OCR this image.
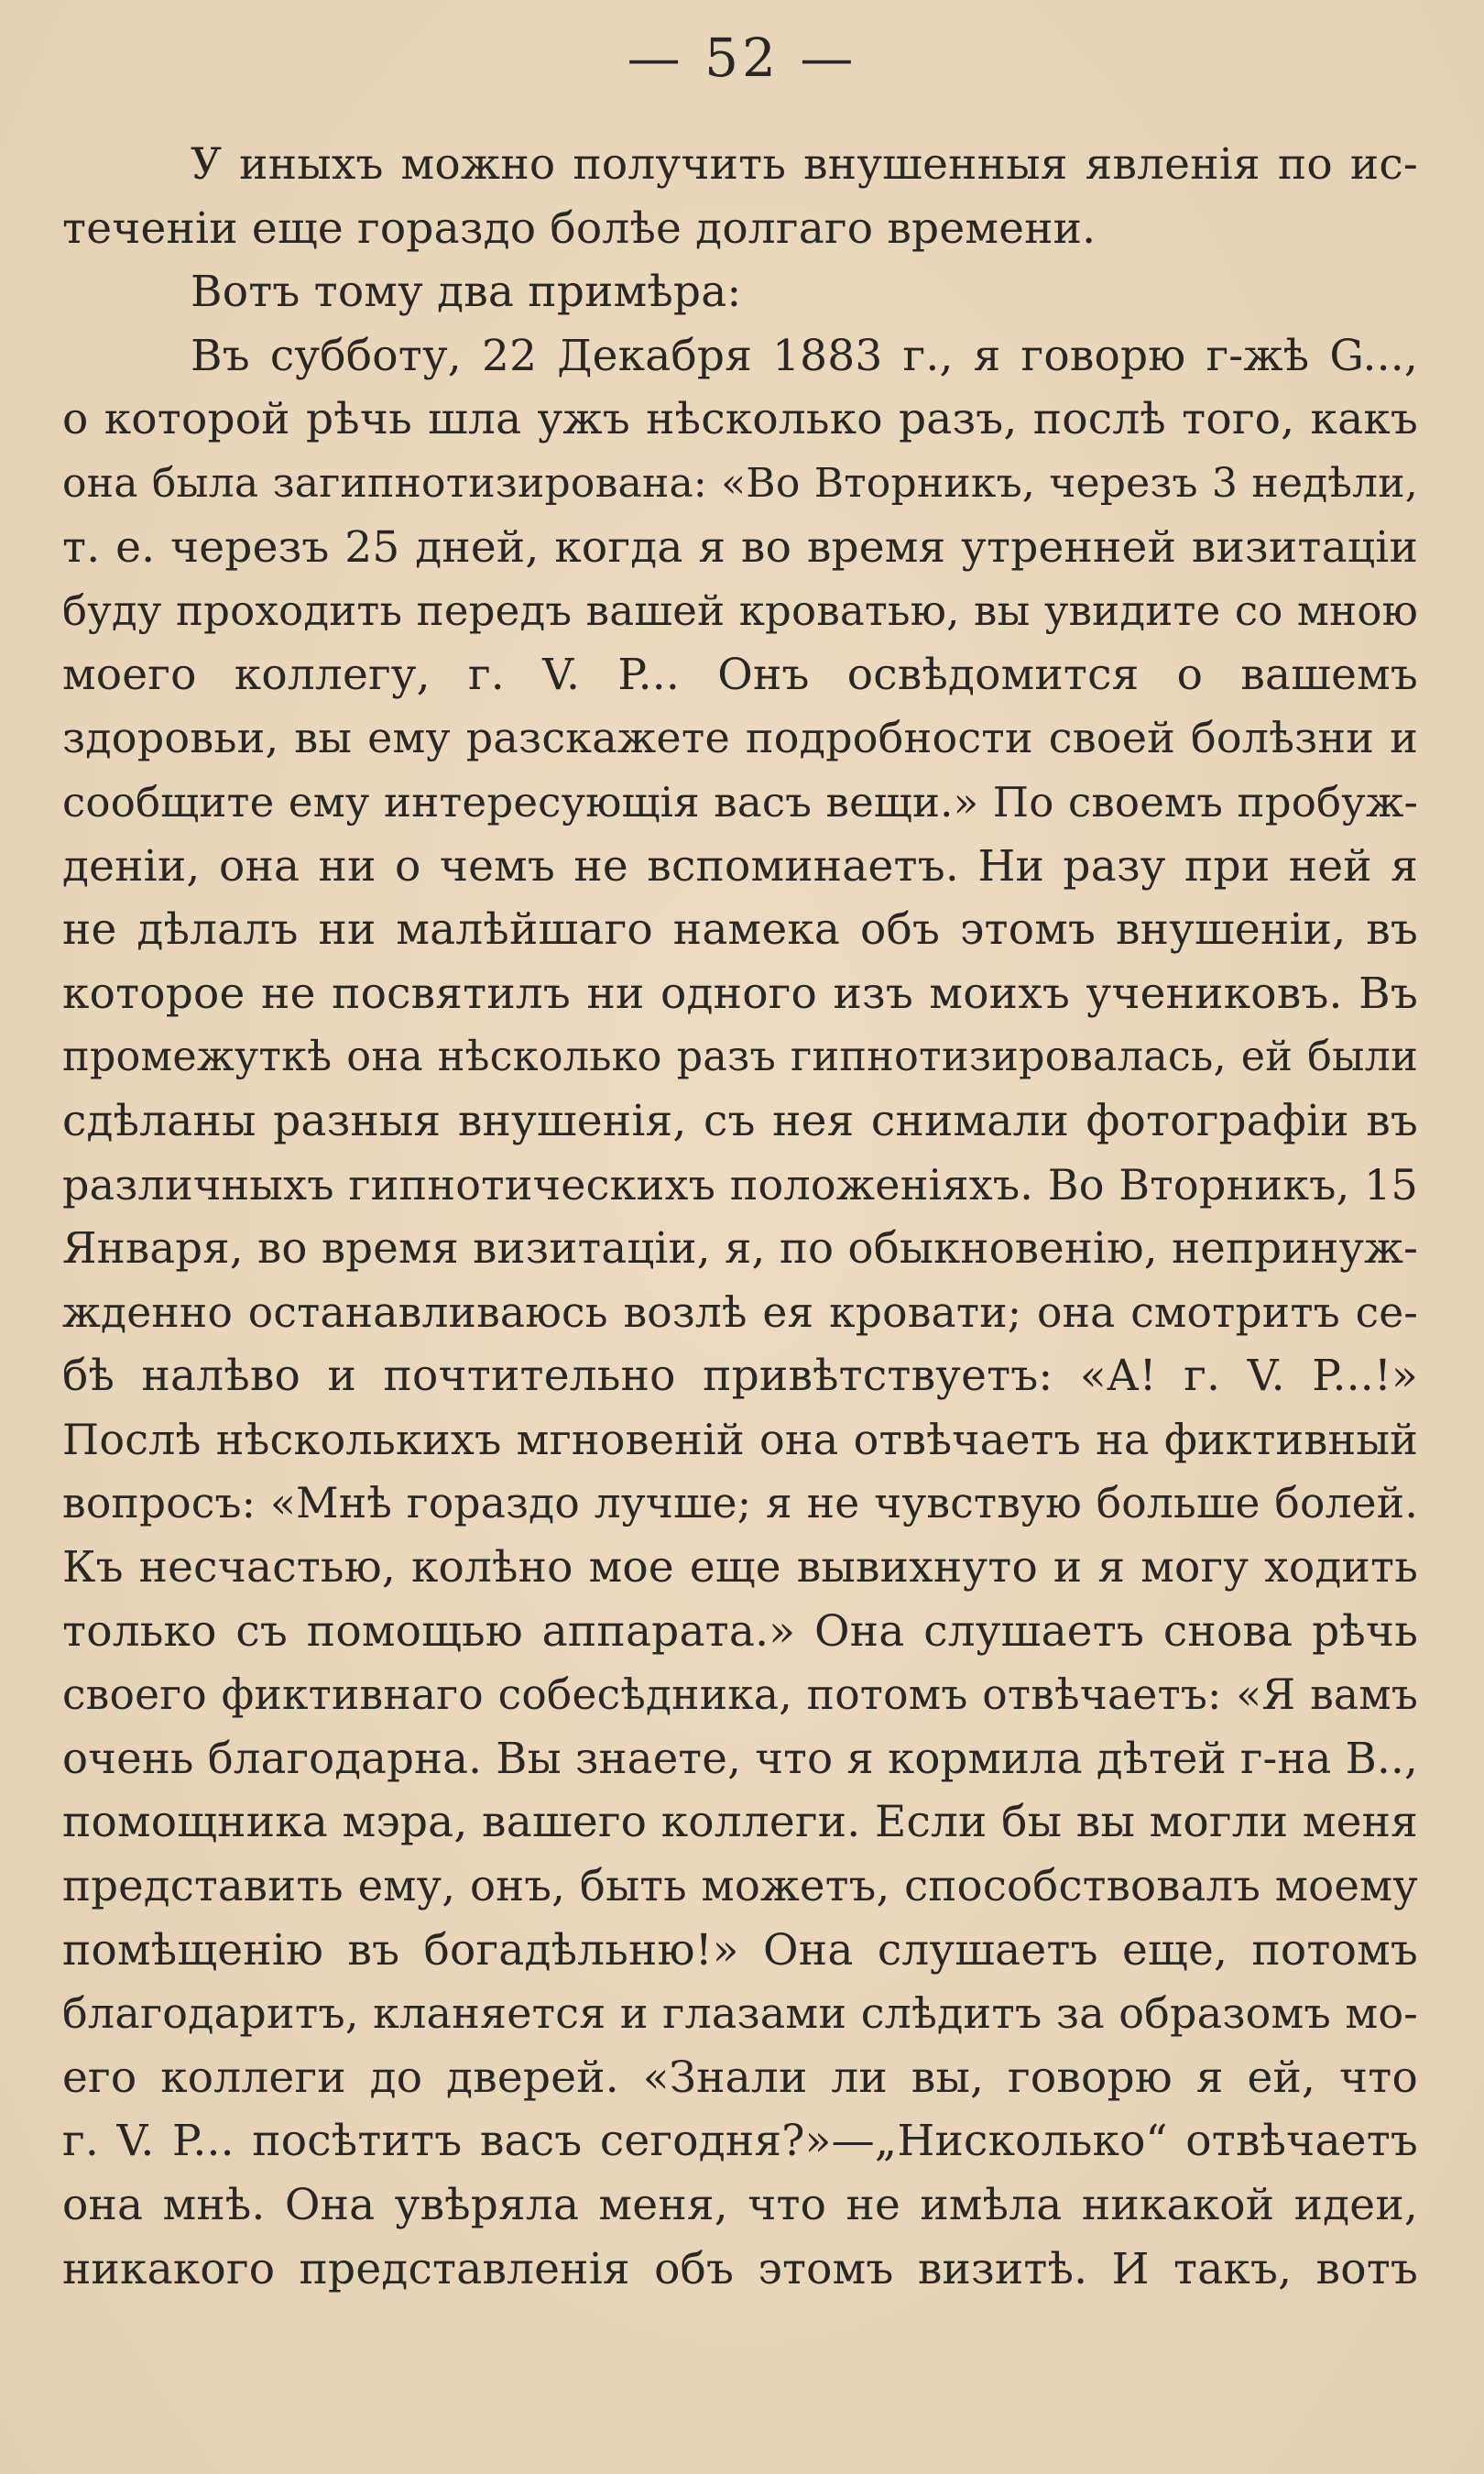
— 52 —
У иныхъ можно получить внушенныя явленія по ис-
теченіи еще гораздо болѣе долгаго времени.
Вотъ тому два примѣра:
Въ субботу, 22 Декабря 1883 г., я говорю г-жѣ G...,
о которой рѣчь шла ужъ нѣсколько разъ, послѣ того, какъ
она была загипнотизирована: «Во Вторникъ, черезъ 3 недѣли,
т. е. черезъ 25 дней, когда я во время утренней визитаціи
буду проходить передъ вашей кроватью, вы увидите со мною
моего коллегу, г. V. P... Онъ освѣдомится о вашемъ
здоровьи, вы ему разскажете подробности своей болѣзни и
сообщите ему интересующія васъ вещи.» По своемъ пробуж-
деніи, она ни о чемъ не вспоминаетъ. Ни разу при ней я
не дѣлалъ ни малѣйшаго намека объ этомъ внушеніи, въ
которое не посвятилъ ни одного изъ моихъ учениковъ. Въ
промежуткѣ она нѣсколько разъ гипнотизировалась, ей были
сдѣланы разныя внушенія, съ нея снимали фотографіи въ
различныхъ гипнотическихъ положеніяхъ. Во Вторникъ, 15
Января, во время визитаціи, я, по обыкновенію, непринуж-
жденно останавливаюсь возлѣ ея кровати; она смотритъ се-
бѣ налѣво и почтительно привѣтствуетъ: «А! г. V. P...!»
Послѣ нѣсколькихъ мгновеній она отвѣчаетъ на фиктивный
вопросъ: «Мнѣ гораздо лучше; я не чувствую больше болей.
Къ несчастью, колѣно мое еще вывихнуто и я могу ходить
только съ помощью аппарата.» Она слушаетъ снова рѣчь
своего фиктивнаго собесѣдника, потомъ отвѣчаетъ: «Я вамъ
очень благодарна. Вы знаете, что я кормила дѣтей г-на В..,
помощника мэра, вашего коллеги. Если бы вы могли меня
представить ему, онъ, быть можетъ, способствовалъ моему
помѣщенію въ богадѣльню!» Она слушаетъ еще, потомъ
благодаритъ, кланяется и глазами слѣдитъ за образомъ мо-
его коллеги до дверей. «Знали ли вы, говорю я ей, что
г. V. P... посѣтитъ васъ сегодня?»—„Нисколько“ отвѣчаетъ
она мнѣ. Она увѣряла меня, что не имѣла никакой идеи,
никакого представленія объ этомъ визитѣ. И такъ, вотъ
